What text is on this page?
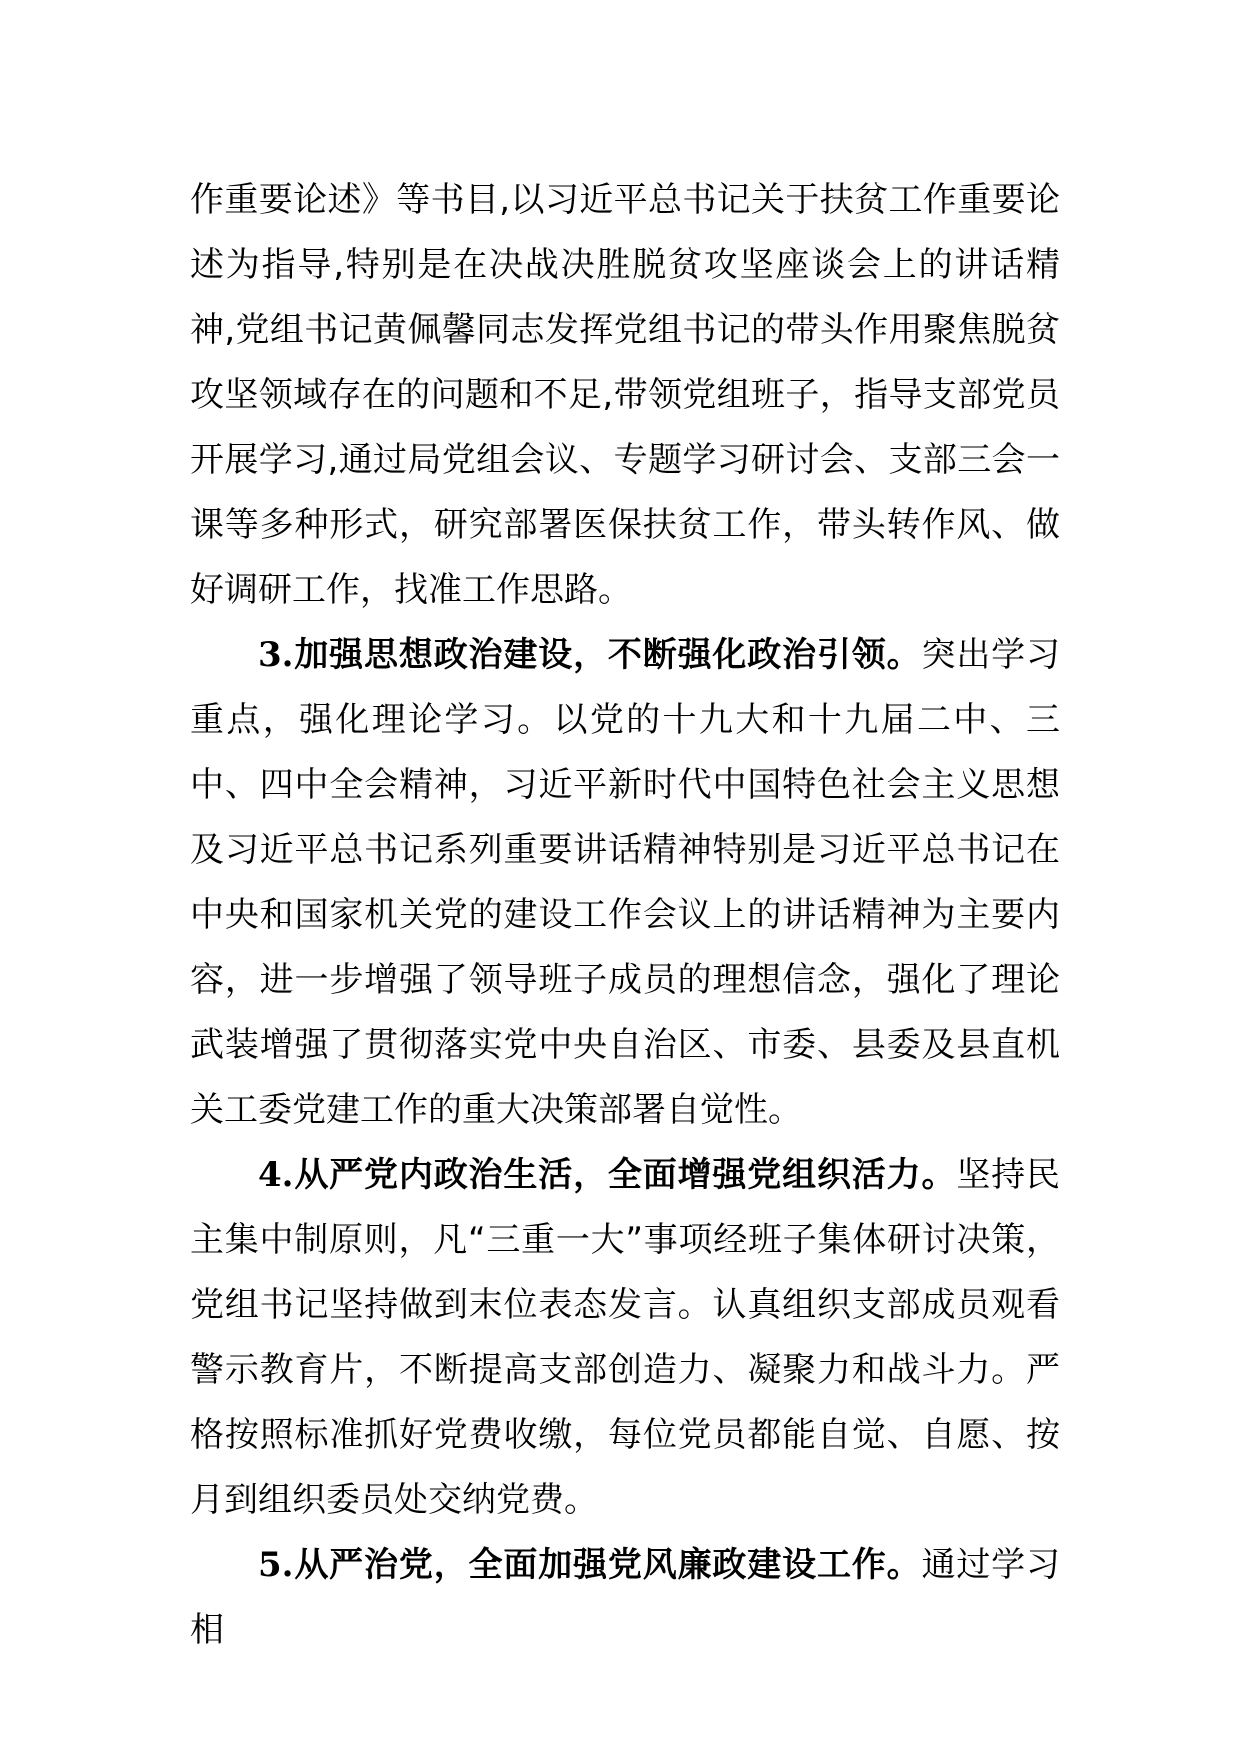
作重要论述》等书目,以习近平总书记关于扶贫工作重要论述为指导,特别是在决战决胜脱贫攻坚座谈会上的讲话精神,党组书记黄佩馨同志发挥党组书记的带头作用聚焦脱贫攻坚领域存在的问题和不足,带领党组班子，指导支部党员开展学习,通过局党组会议、专题学习研讨会、支部三会一课等多种形式，研究部署医保扶贫工作，带头转作风、做好调研工作，找准工作思路。

3.加强思想政治建设，不断强化政治引领。突出学习重点，强化理论学习。以党的十九大和十九届二中、三中、四中全会精神，习近平新时代中国特色社会主义思想及习近平总书记系列重要讲话精神特别是习近平总书记在中央和国家机关党的建设工作会议上的讲话精神为主要内容，进一步增强了领导班子成员的理想信念，强化了理论武装增强了贯彻落实党中央自治区、市委、县委及县直机关工委党建工作的重大决策部署自觉性。

4.从严党内政治生活，全面增强党组织活力。坚持民主集中制原则，凡“三重一大”事项经班子集体研讨决策，党组书记坚持做到末位表态发言。认真组织支部成员观看警示教育片，不断提高支部创造力、凝聚力和战斗力。严格按照标准抓好党费收缴，每位党员都能自觉、自愿、按月到组织委员处交纳党费。

5.从严治党，全面加强党风廉政建设工作。通过学习相
